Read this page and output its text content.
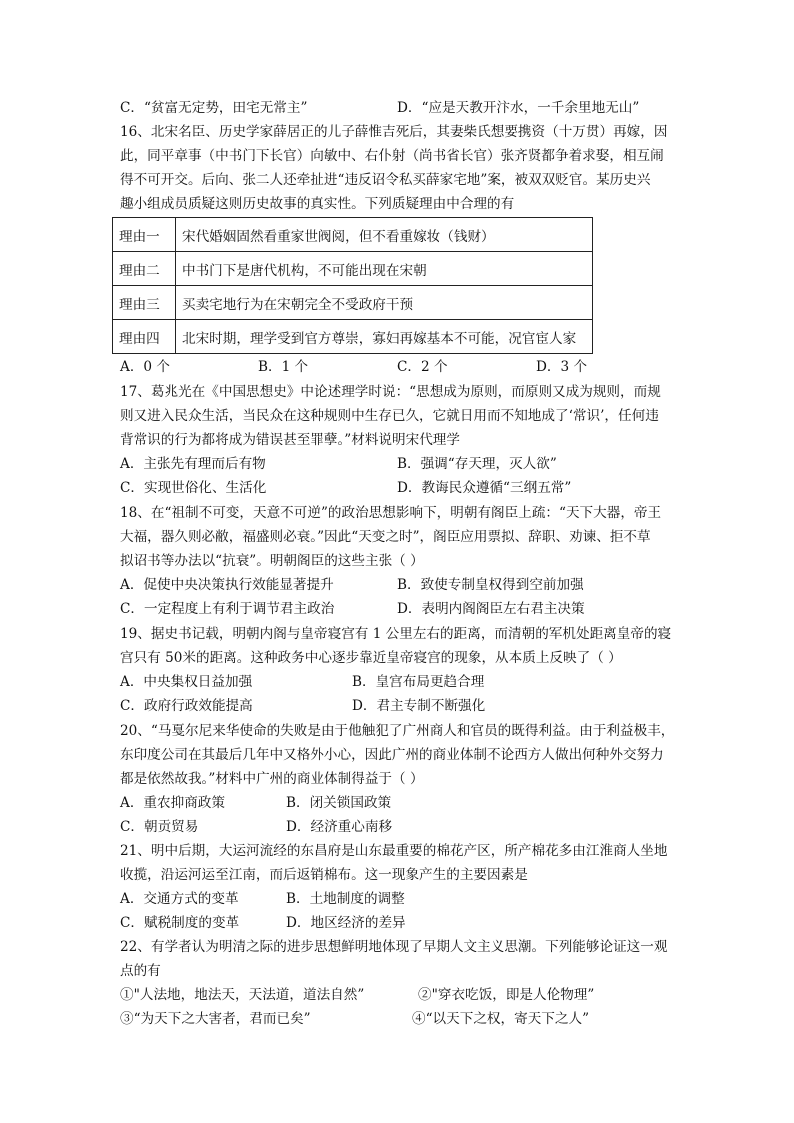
C．“贫富无定势，田宅无常主”	D．“应是天教开汴水，一千余里地无山”
16、北宋名臣、历史学家薛居正的儿子薛惟吉死后，其妻柴氏想要携资（十万贯）再嫁，因
此，同平章事（中书门下长官）向敏中、右仆射（尚书省长官）张齐贤都争着求娶，相互闹
得不可开交。后向、张二人还牵扯进“违反诏令私买薛家宅地”案，被双双贬官。某历史兴
趣小组成员质疑这则历史故事的真实性。下列质疑理由中合理的有
理由一	宋代婚姻固然看重家世阀阅，但不看重嫁妆（钱财）
理由二	中书门下是唐代机构，不可能出现在宋朝
理由三	买卖宅地行为在宋朝完全不受政府干预
理由四	北宋时期，理学受到官方尊崇，寡妇再嫁基本不可能，况官宦人家
A．0 个	B．1 个	C．2 个	D．3 个
17、葛兆光在《中国思想史》中论述理学时说：“思想成为原则，而原则又成为规则，而规
则又进入民众生活，当民众在这种规则中生存已久，它就日用而不知地成了‘常识’，任何违
背常识的行为都将成为错误甚至罪孽。”材料说明宋代理学
A．主张先有理而后有物	B．强调“存天理，灭人欲”
C．实现世俗化、生活化	D．教诲民众遵循“三纲五常”
18、在“祖制不可变，天意不可逆”的政治思想影响下，明朝有阁臣上疏：“天下大器，帝王
大福，器久则必敝，福盛则必衰。”因此“天变之时”，阁臣应用票拟、辞职、劝谏、拒不草
拟诏书等办法以“抗衰”。明朝阁臣的这些主张（ ）
A．促使中央决策执行效能显著提升	B．致使专制皇权得到空前加强
C．一定程度上有利于调节君主政治	D．表明内阁阁臣左右君主决策
19、据史书记载，明朝内阁与皇帝寝宫有 1 公里左右的距离，而清朝的军机处距离皇帝的寝
宫只有 50米的距离。这种政务中心逐步靠近皇帝寝宫的现象，从本质上反映了（ ）
A．中央集权日益加强	B．皇宫布局更趋合理
C．政府行政效能提高	D．君主专制不断强化
20、“马戛尔尼来华使命的失败是由于他触犯了广州商人和官员的既得利益。由于利益极丰，
东印度公司在其最后几年中又格外小心，因此广州的商业体制不论西方人做出何种外交努力
都是依然故我。”材料中广州的商业体制得益于（ ）
A．重农抑商政策	B．闭关锁国政策
C．朝贡贸易	D．经济重心南移
21、明中后期，大运河流经的东昌府是山东最重要的棉花产区，所产棉花多由江淮商人坐地
收揽，沿运河运至江南，而后返销棉布。这一现象产生的主要因素是
A．交通方式的变革	B．土地制度的调整
C．赋税制度的变革	D．地区经济的差异
22、有学者认为明清之际的进步思想鲜明地体现了早期人文主义思潮。下列能够论证这一观
点的有
①"人法地，地法天，天法道，道法自然”	②"穿衣吃饭，即是人伦物理”
③“为天下之大害者，君而已矣”	④“以天下之权，寄天下之人”
